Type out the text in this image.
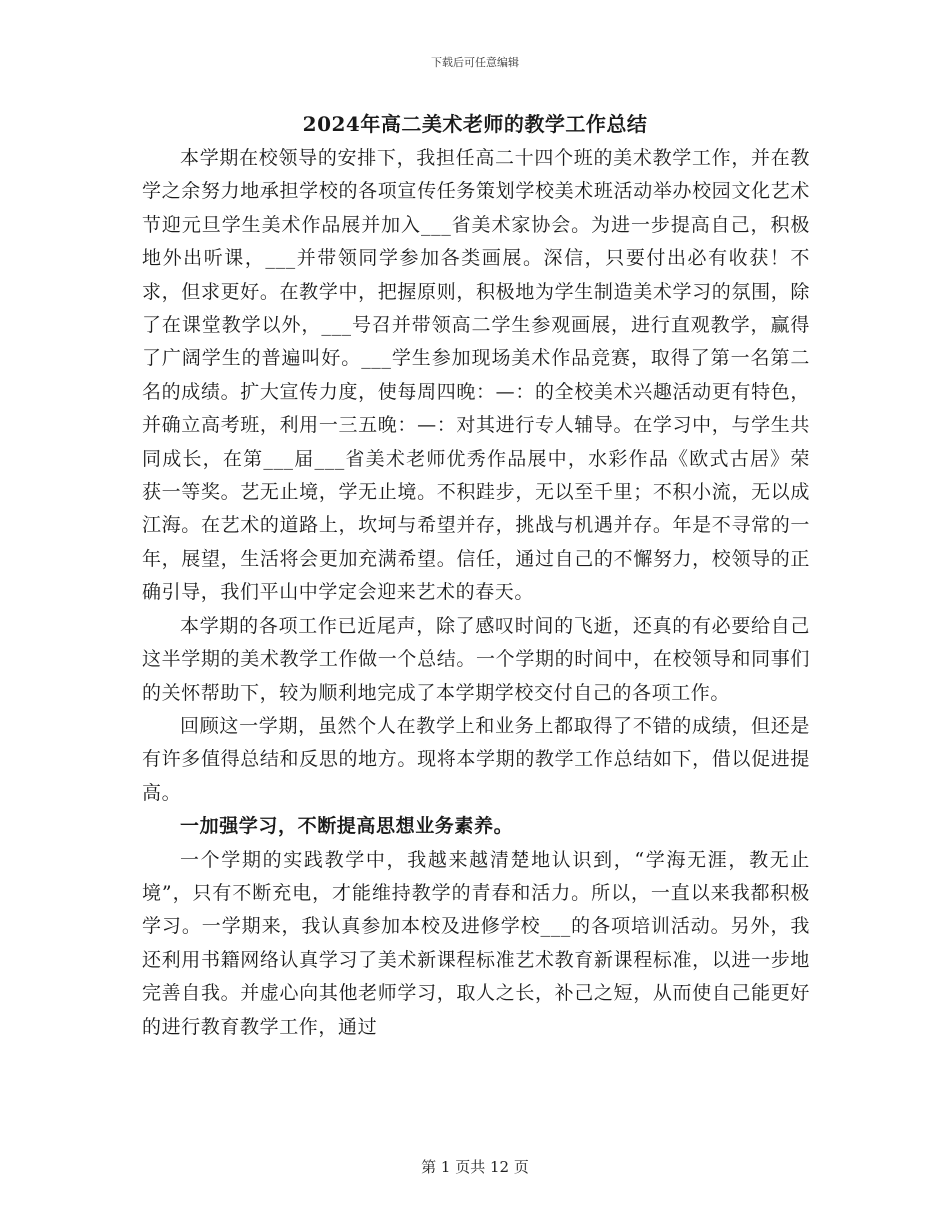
下载后可任意编辑
2024年高二美术老师的教学工作总结

本学期在校领导的安排下，我担任高二十四个班的美术教学工作，并在教学之余努力地承担学校的各项宣传任务策划学校美术班活动举办校园文化艺术节迎元旦学生美术作品展并加入___省美术家协会。为进一步提高自己，积极地外出听课，___并带领同学参加各类画展。深信，只要付出必有收获！不求，但求更好。在教学中，把握原则，积极地为学生制造美术学习的氛围，除了在课堂教学以外，___号召并带领高二学生参观画展，进行直观教学，赢得了广阔学生的普遍叫好。___学生参加现场美术作品竞赛，取得了第一名第二名的成绩。扩大宣传力度，使每周四晚：—：的全校美术兴趣活动更有特色，并确立高考班，利用一三五晚：—：对其进行专人辅导。在学习中，与学生共同成长，在第___届___省美术老师优秀作品展中，水彩作品《欧式古居》荣获一等奖。艺无止境，学无止境。不积跬步，无以至千里；不积小流，无以成江海。在艺术的道路上，坎坷与希望并存，挑战与机遇并存。年是不寻常的一年，展望，生活将会更加充满希望。信任，通过自己的不懈努力，校领导的正确引导，我们平山中学定会迎来艺术的春天。

本学期的各项工作已近尾声，除了感叹时间的飞逝，还真的有必要给自己这半学期的美术教学工作做一个总结。一个学期的时间中，在校领导和同事们的关怀帮助下，较为顺利地完成了本学期学校交付自己的各项工作。

回顾这一学期，虽然个人在教学上和业务上都取得了不错的成绩，但还是有许多值得总结和反思的地方。现将本学期的教学工作总结如下，借以促进提高。

一加强学习，不断提高思想业务素养。

一个学期的实践教学中，我越来越清楚地认识到，“学海无涯，教无止境”，只有不断充电，才能维持教学的青春和活力。所以，一直以来我都积极学习。一学期来，我认真参加本校及进修学校___的各项培训活动。另外，我还利用书籍网络认真学习了美术新课程标准艺术教育新课程标准，以进一步地完善自我。并虚心向其他老师学习，取人之长，补己之短，从而使自己能更好的进行教育教学工作，通过

第 1 页共 12 页
